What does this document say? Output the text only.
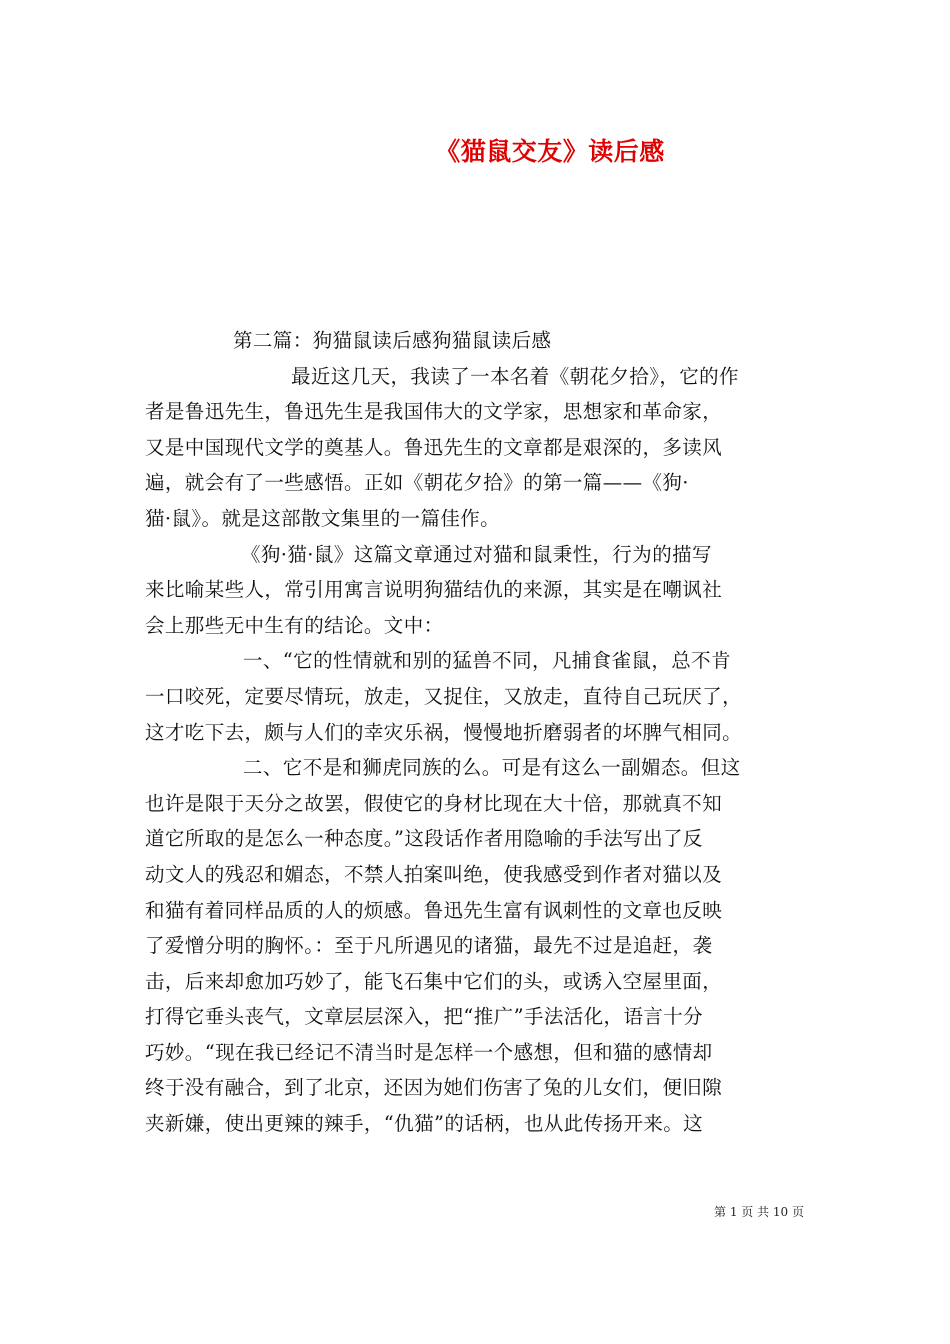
《猫鼠交友》读后感

第二篇：狗猫鼠读后感狗猫鼠读后感

最近这几天，我读了一本名着《朝花夕拾》，它的作

者是鲁迅先生，鲁迅先生是我国伟大的文学家，思想家和革命家，

又是中国现代文学的奠基人。鲁迅先生的文章都是艰深的，多读风

遍，就会有了一些感悟。正如《朝花夕拾》的第一篇——《狗·

猫·鼠》。就是这部散文集里的一篇佳作。

《狗·猫·鼠》这篇文章通过对猫和鼠秉性，行为的描写

来比喻某些人，常引用寓言说明狗猫结仇的来源，其实是在嘲讽社

会上那些无中生有的结论。文中：

一、“它的性情就和别的猛兽不同，凡捕食雀鼠，总不肯

一口咬死，定要尽情玩，放走，又捉住，又放走，直待自己玩厌了，

这才吃下去，颇与人们的幸灾乐祸，慢慢地折磨弱者的坏脾气相同。

二、它不是和狮虎同族的么。可是有这么一副媚态。但这

也许是限于天分之故罢，假使它的身材比现在大十倍，那就真不知

道它所取的是怎么一种态度。”这段话作者用隐喻的手法写出了反

动文人的残忍和媚态，不禁人拍案叫绝，使我感受到作者对猫以及

和猫有着同样品质的人的烦感。鲁迅先生富有讽刺性的文章也反映

了爱憎分明的胸怀。：至于凡所遇见的诸猫，最先不过是追赶，袭

击，后来却愈加巧妙了，能飞石集中它们的头，或诱入空屋里面，

打得它垂头丧气，文章层层深入，把“推广”手法活化，语言十分

巧妙。“现在我已经记不清当时是怎样一个感想，但和猫的感情却

终于没有融合，到了北京，还因为她们伤害了兔的儿女们，便旧隙

夹新嫌，使出更辣的辣手，“仇猫”的话柄，也从此传扬开来。这

第 1 页 共 10 页
